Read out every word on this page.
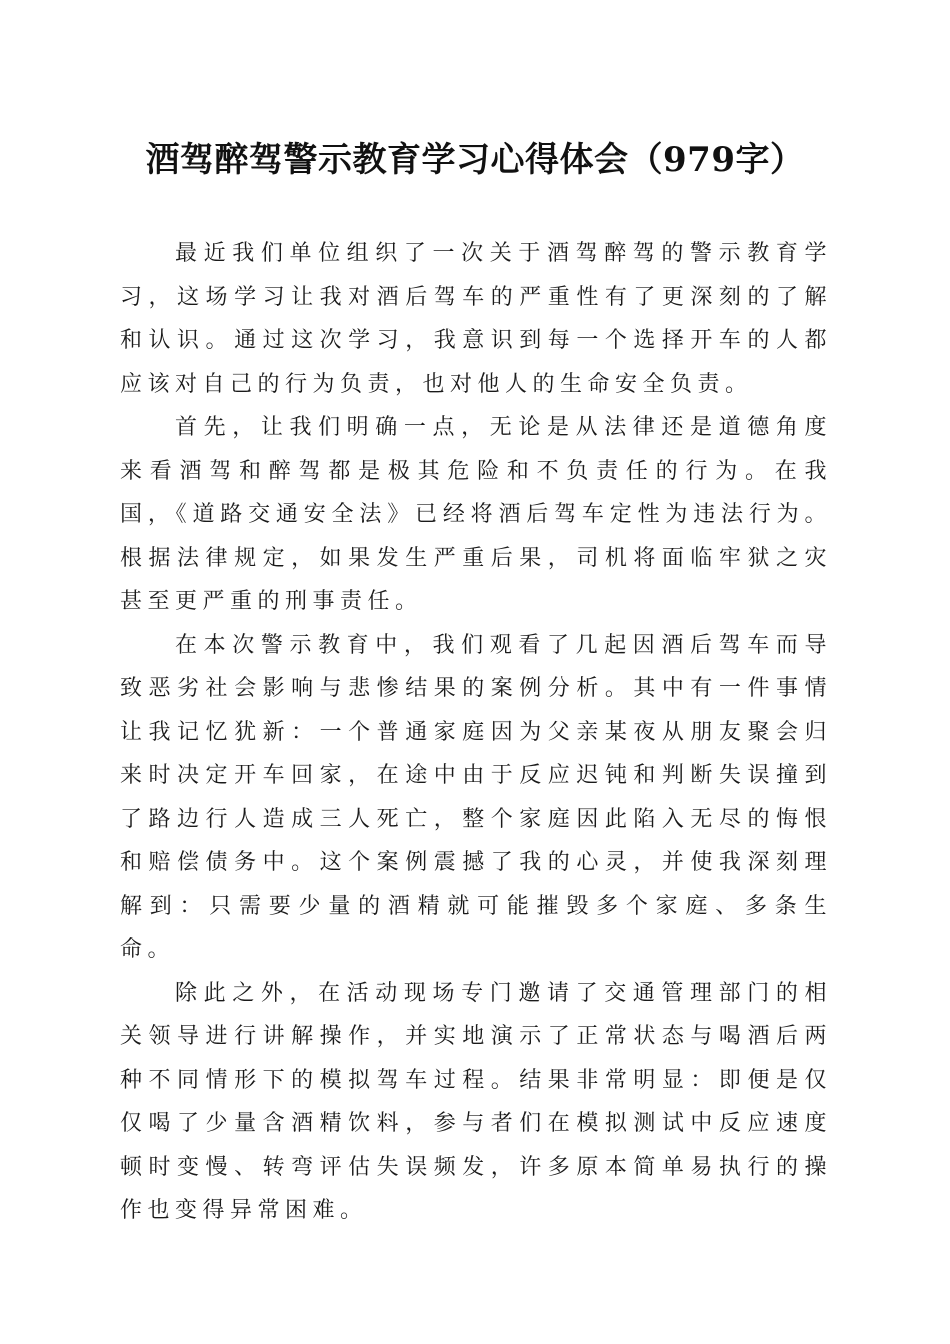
酒驾醉驾警示教育学习心得体会（979字）

最近我们单位组织了一次关于酒驾醉驾的警示教育学习，这场学习让我对酒后驾车的严重性有了更深刻的了解和认识。通过这次学习，我意识到每一个选择开车的人都应该对自己的行为负责，也对他人的生命安全负责。

首先，让我们明确一点，无论是从法律还是道德角度来看酒驾和醉驾都是极其危险和不负责任的行为。在我国，《道路交通安全法》已经将酒后驾车定性为违法行为。根据法律规定，如果发生严重后果，司机将面临牢狱之灾甚至更严重的刑事责任。

在本次警示教育中，我们观看了几起因酒后驾车而导致恶劣社会影响与悲惨结果的案例分析。其中有一件事情让我记忆犹新：一个普通家庭因为父亲某夜从朋友聚会归来时决定开车回家，在途中由于反应迟钝和判断失误撞到了路边行人造成三人死亡，整个家庭因此陷入无尽的悔恨和赔偿债务中。这个案例震撼了我的心灵，并使我深刻理解到：只需要少量的酒精就可能摧毁多个家庭、多条生命。

除此之外，在活动现场专门邀请了交通管理部门的相关领导进行讲解操作，并实地演示了正常状态与喝酒后两种不同情形下的模拟驾车过程。结果非常明显：即便是仅仅喝了少量含酒精饮料，参与者们在模拟测试中反应速度顿时变慢、转弯评估失误频发，许多原本简单易执行的操作也变得异常困难。
